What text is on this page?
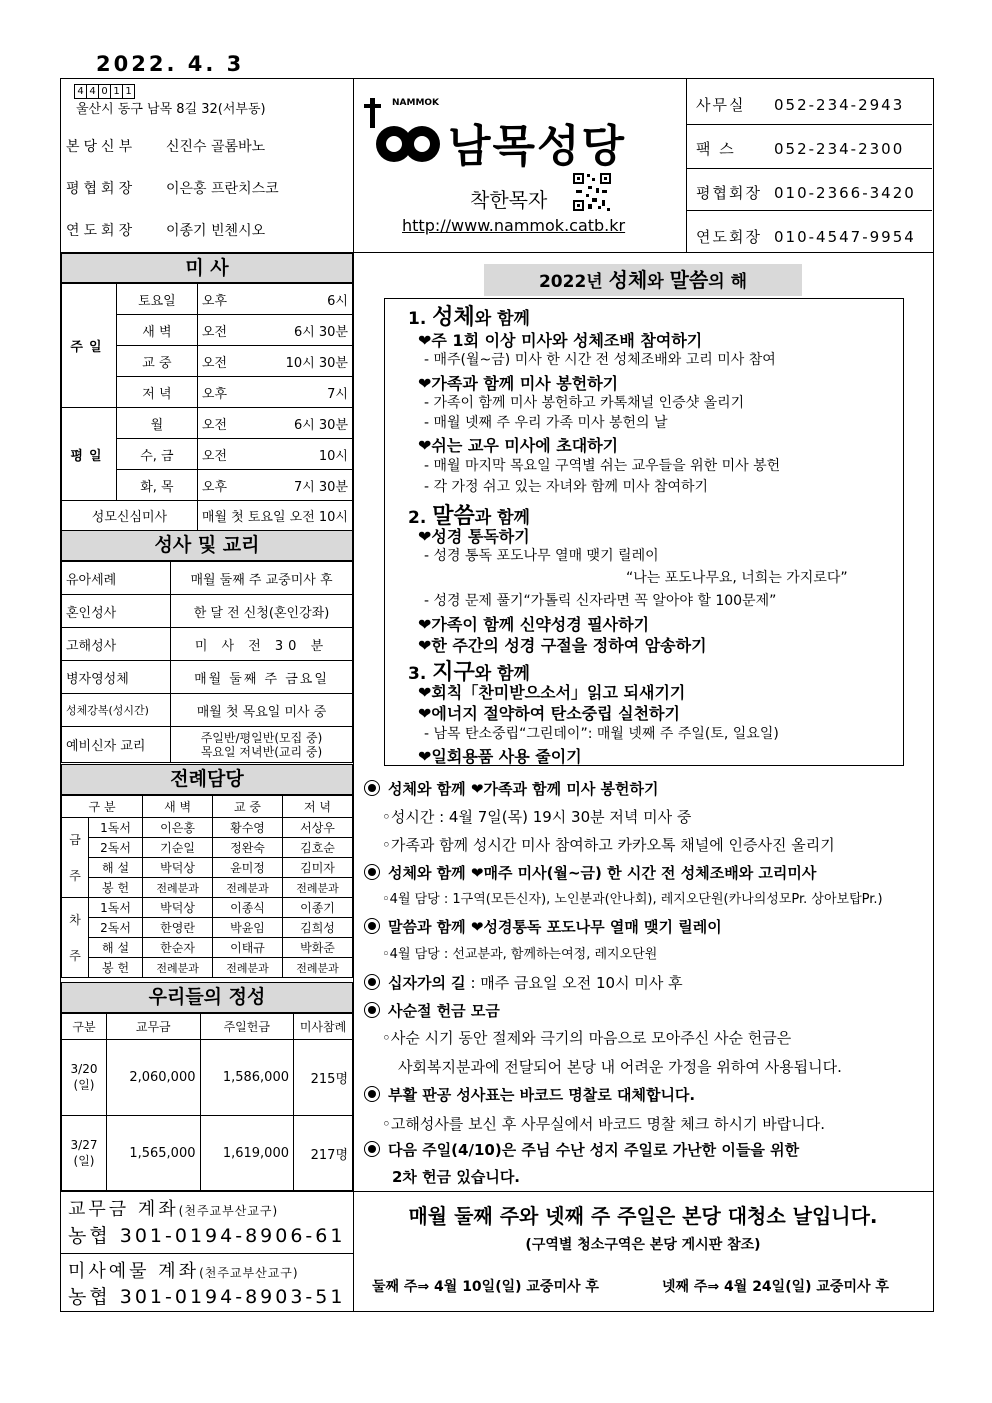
2022. 4. 3
4 4 0 1 1
울산시 동구 남목 8길 32(서부동)
본당신부 신진수 골롬바노
평협회장 이은홍 프란치스코
연도회장 이종기 빈첸시오
NAMMOK
남목성당
착한목자
http://www.nammok.catb.kr
사무실 052-234-2943
팩 스	052-234-2300
평협회장 010-2366-3420
연도회장 010-4547-9954
미 사
주일	토요일	오후	6시
	새 벽	오전	6시 30분
	교 중	오전	10시 30분
	저 녁	오후	7시
평일	월	오전	6시 30분
	수, 금	오전	10시
	화, 목	오후	7시 30분
성모신심미사		매월 첫 토요일 오전 10시	
성사 및 교리
유아세례	매월 둘째 주 교중미사 후
혼인성사	한 달 전 신청(혼인강좌)
고해성사	미 사 전 30 분
병자영성체	매월 둘째 주 금요일
성체강복(성시간)	매월 첫 목요일 미사 중
예비신자 교리	주일반/평일반(모집 중)
목요일 저녁반(교리 중)
전례담당
구 분		새 벽	교 중	저 녁

금
주	1독서	이은홍	황수영	서상우
	2독서	기순일	정완숙	김호순
	해 설	박덕상	윤미정	김미자
	봉 헌	전례분과	전례분과	전례분과

차
주	1독서	박덕상	이종식	이종기
	2독서	한영란	박윤임	김희성
	해 설	한순자	이태규	박화준
	봉 헌	전례분과	전례분과	전례분과
우리들의 정성
구분	교무금	주일헌금	미사참례

3/20
(일)	2,060,000	1,586,000	215명

3/27
(일)	1,565,000	1,619,000	217명
교무금 계좌(천주교부산교구)
농협 301-0194-8906-61
미사예물 계좌(천주교부산교구)
농협 301-0194-8903-51
2022년 성체와 말씀의 해
1. 성체와 함께
❤주 1회 이상 미사와 성체조배 참여하기
- 매주(월~금) 미사 한 시간 전 성체조배와 고리 미사 참여
❤가족과 함께 미사 봉헌하기
- 가족이 함께 미사 봉헌하고 카톡채널 인증샷 올리기
- 매월 넷째 주 우리 가족 미사 봉헌의 날
❤쉬는 교우 미사에 초대하기
- 매월 마지막 목요일 구역별 쉬는 교우들을 위한 미사 봉헌
- 각 가정 쉬고 있는 자녀와 함께 미사 참여하기
2. 말씀과 함께
❤성경 통독하기
- 성경 통독 포도나무 열매 맺기 릴레이
“나는 포도나무요, 너희는 가지로다”
- 성경 문제 풀기“가톨릭 신자라면 꼭 알아야 할 100문제”
❤가족이 함께 신약성경 필사하기
❤한 주간의 성경 구절을 정하여 암송하기
3. 지구와 함께
❤회칙「찬미받으소서」읽고 되새기기
❤에너지 절약하여 탄소중립 실천하기
- 남목 탄소중립“그린데이”: 매월 넷째 주 주일(토, 일요일)
❤일회용품 사용 줄이기
성체와 함께 ❤가족과 함께 미사 봉헌하기
◦성시간 : 4월 7일(목) 19시 30분 저녁 미사 중
◦가족과 함께 성시간 미사 참여하고 카카오톡 채널에 인증사진 올리기
성체와 함께 ❤매주 미사(월~금) 한 시간 전 성체조배와 고리미사
◦4월 담당 : 1구역(모든신자), 노인분과(안나회), 레지오단원(카나의성모Pr. 상아보탑Pr.)
말씀과 함께 ❤성경통독 포도나무 열매 맺기 릴레이
◦4월 담당 : 선교분과, 함께하는여정, 레지오단원
십자가의 길 : 매주 금요일 오전 10시 미사 후
사순절 헌금 모금
◦사순 시기 동안 절제와 극기의 마음으로 모아주신 사순 헌금은
사회복지분과에 전달되어 본당 내 어려운 가정을 위하여 사용됩니다.
부활 판공 성사표는 바코드 명찰로 대체합니다.
◦고해성사를 보신 후 사무실에서 바코드 명찰 체크 하시기 바랍니다.
다음 주일(4/10)은 주님 수난 성지 주일로 가난한 이들을 위한
2차 헌금 있습니다.
매월 둘째 주와 넷째 주 주일은 본당 대청소 날입니다.
(구역별 청소구역은 본당 게시판 참조)
둘째 주⇒ 4월 10일(일) 교중미사 후	넷째 주⇒ 4월 24일(일) 교중미사 후
